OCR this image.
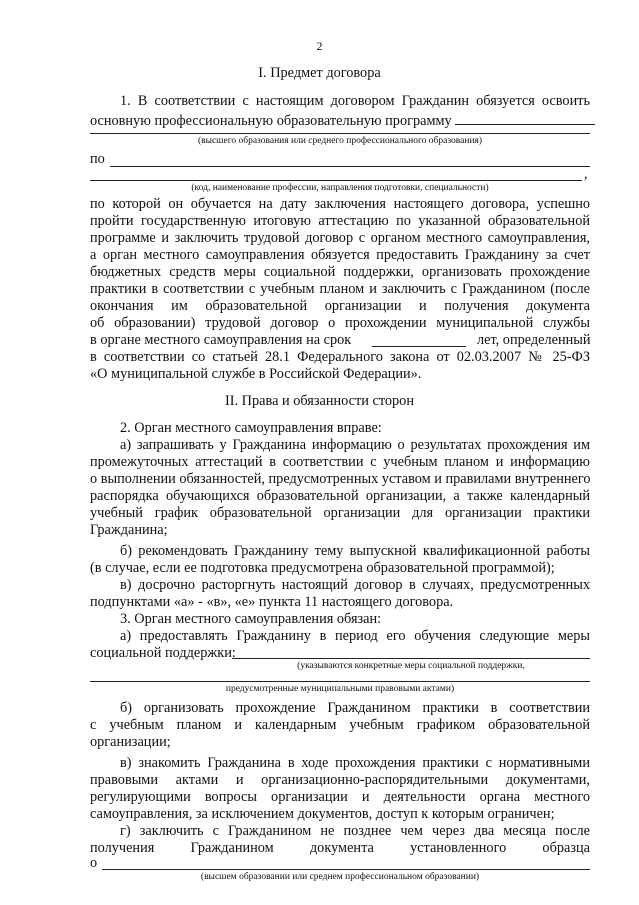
2
I. Предмет договора
1. В соответствии с настоящим договором Гражданин обязуется освоить
основную профессиональную образовательную программу
(высшего образования или среднего профессионального образования)
по
,
(код, наименование профессии, направления подготовки, специальности)
по которой он обучается на дату заключения настоящего договора, успешно
пройти государственную итоговую аттестацию по указанной образовательной
программе и заключить трудовой договор с органом местного самоуправления,
а орган местного самоуправления обязуется предоставить Гражданину за счет
бюджетных средств меры социальной поддержки, организовать прохождение
практики в соответствии с учебным планом и заключить с Гражданином (после
окончания им образовательной организации и получения документа
об образовании) трудовой договор о прохождении муниципальной службы
в органе местного самоуправления на срок	лет, определенный
в соответствии со статьей 28.1 Федерального закона от 02.03.2007 № 25-ФЗ
«О муниципальной службе в Российской Федерации».
II. Права и обязанности сторон
2. Орган местного самоуправления вправе:
а) запрашивать у Гражданина информацию о результатах прохождения им
промежуточных аттестаций в соответствии с учебным планом и информацию
о выполнении обязанностей, предусмотренных уставом и правилами внутреннего
распорядка обучающихся образовательной организации, а также календарный
учебный график образовательной организации для организации практики
Гражданина;
б) рекомендовать Гражданину тему выпускной квалификационной работы
(в случае, если ее подготовка предусмотрена образовательной программой);
в) досрочно расторгнуть настоящий договор в случаях, предусмотренных
подпунктами «а» - «в», «е» пункта 11 настоящего договора.
3. Орган местного самоуправления обязан:
а) предоставлять Гражданину в период его обучения следующие меры
социальной поддержки:
(указываются конкретные меры социальной поддержки,
предусмотренные муниципальными правовыми актами)
б) организовать прохождение Гражданином практики в соответствии
с учебным планом и календарным учебным графиком образовательной
организации;
в) знакомить Гражданина в ходе прохождения практики с нормативными
правовыми актами и организационно-распорядительными документами,
регулирующими вопросы организации и деятельности органа местного
самоуправления, за исключением документов, доступ к которым ограничен;
г) заключить с Гражданином не позднее чем через два месяца после
получения Гражданином документа установленного образца
о
(высшем образовании или среднем профессиональном образовании)
